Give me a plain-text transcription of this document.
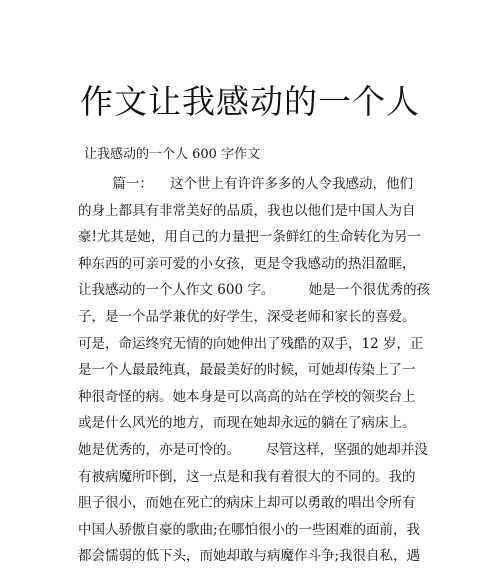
作文让我感动的一个人
让我感动的一个人 600 字作文
篇一：    这个世上有许许多多的人令我感动，他们
的身上都具有非常美好的品质，我也以他们是中国人为自
豪!尤其是她，用自己的力量把一条鲜红的生命转化为另一
种东西的可亲可爱的小女孩，更是令我感动的热泪盈眶，
让我感动的一个人作文 600 字。        她是一个很优秀的孩
子，是一个品学兼优的好学生，深受老师和家长的喜爱。
可是，命运终究无情的向她伸出了残酷的双手，12 岁，正
是一个人最最纯真，最最美好的时候，可她却传染上了一
种很奇怪的病。她本身是可以高高的站在学校的领奖台上
或是什么风光的地方，而现在她却永远的躺在了病床上。
她是优秀的，亦是可怜的。      尽管这样，坚强的她却并没
有被病魔所吓倒，这一点是和我有着很大的不同的。我的
胆子很小，而她在死亡的病床上却可以勇敢的唱出令所有
中国人骄傲自豪的歌曲;在哪怕很小的一些困难的面前，我
都会懦弱的低下头，而她却敢与病魔作斗争;我很自私，遇
